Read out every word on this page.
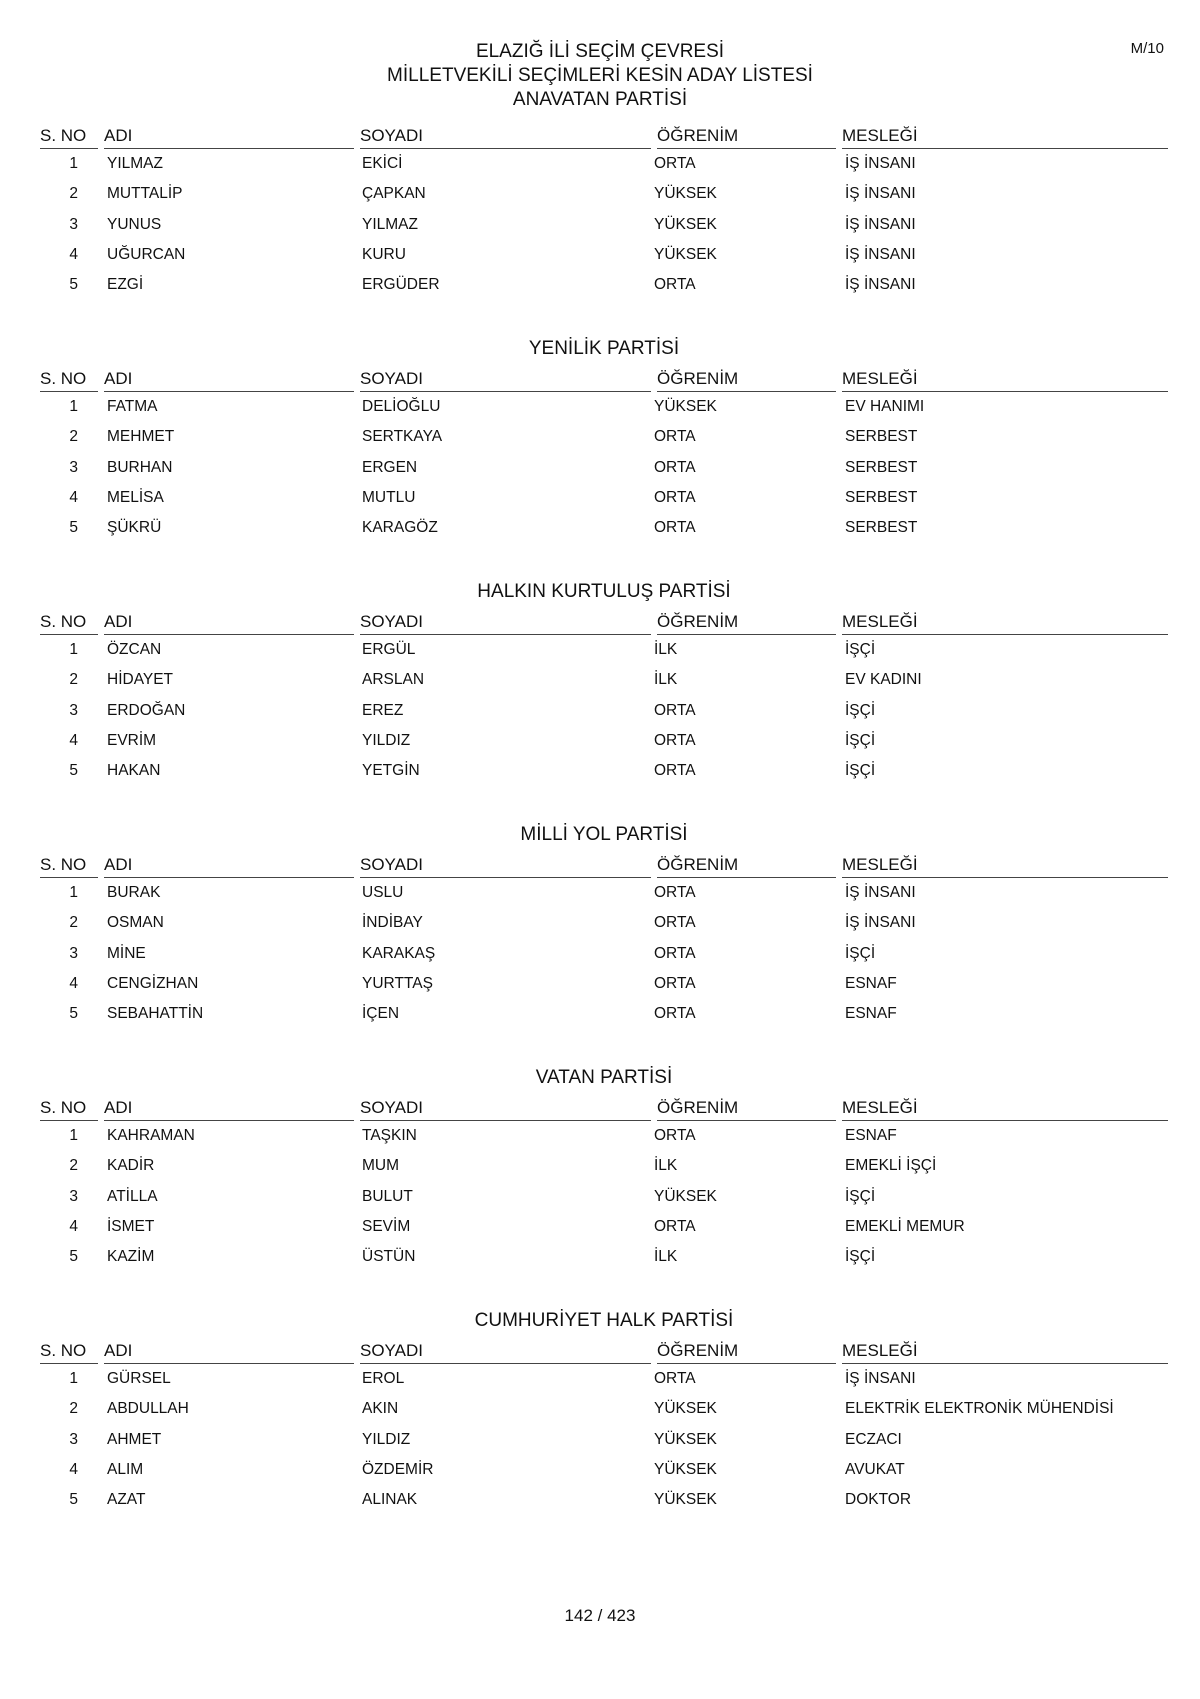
M/10
ELAZIĞ İLİ SEÇİM ÇEVRESİ
MİLLETVEKİLİ SEÇİMLERİ KESİN ADAY LİSTESİ
ANAVATAN PARTİSİ
S. NO	ADI	SOYADI	ÖĞRENİM	MESLEĞİ
1 YILMAZ	EKİCİ	ORTA	İŞ İNSANI
2 MUTTALİP	ÇAPKAN	YÜKSEK	İŞ İNSANI
3 YUNUS	YILMAZ	YÜKSEK	İŞ İNSANI
4 UĞURCAN	KURU	YÜKSEK	İŞ İNSANI
5 EZGİ	ERGÜDER	ORTA	İŞ İNSANI
YENİLİK PARTİSİ
S. NO	ADI	SOYADI	ÖĞRENİM	MESLEĞİ
1 FATMA	DELİOĞLU	YÜKSEK	EV HANIMI
2 MEHMET	SERTKAYA	ORTA	SERBEST
3 BURHAN	ERGEN	ORTA	SERBEST
4 MELİSA	MUTLU	ORTA	SERBEST
5 ŞÜKRÜ	KARAGÖZ	ORTA	SERBEST
HALKIN KURTULUŞ PARTİSİ
S. NO	ADI	SOYADI	ÖĞRENİM	MESLEĞİ
1 ÖZCAN	ERGÜL	İLK	İŞÇİ
2 HİDAYET	ARSLAN	İLK	EV KADINI
3 ERDOĞAN	EREZ	ORTA	İŞÇİ
4 EVRİM	YILDIZ	ORTA	İŞÇİ
5 HAKAN	YETGİN	ORTA	İŞÇİ
MİLLİ YOL PARTİSİ
S. NO	ADI	SOYADI	ÖĞRENİM	MESLEĞİ
1 BURAK	USLU	ORTA	İŞ İNSANI
2 OSMAN	İNDİBAY	ORTA	İŞ İNSANI
3 MİNE	KARAKAŞ	ORTA	İŞÇİ
4 CENGİZHAN	YURTTAŞ	ORTA	ESNAF
5 SEBAHATTİN	İÇEN	ORTA	ESNAF
VATAN PARTİSİ
S. NO	ADI	SOYADI	ÖĞRENİM	MESLEĞİ
1 KAHRAMAN	TAŞKIN	ORTA	ESNAF
2 KADİR	MUM	İLK	EMEKLİ İŞÇİ
3 ATİLLA	BULUT	YÜKSEK	İŞÇİ
4 İSMET	SEVİM	ORTA	EMEKLİ MEMUR
5 KAZİM	ÜSTÜN	İLK	İŞÇİ
CUMHURİYET HALK PARTİSİ
S. NO	ADI	SOYADI	ÖĞRENİM	MESLEĞİ
1 GÜRSEL	EROL	ORTA	İŞ İNSANI
2 ABDULLAH	AKIN	YÜKSEK	ELEKTRİK ELEKTRONİK MÜHENDİSİ
3 AHMET	YILDIZ	YÜKSEK	ECZACI
4 ALIM	ÖZDEMİR	YÜKSEK	AVUKAT
5 AZAT	ALINAK	YÜKSEK	DOKTOR
142 / 423
